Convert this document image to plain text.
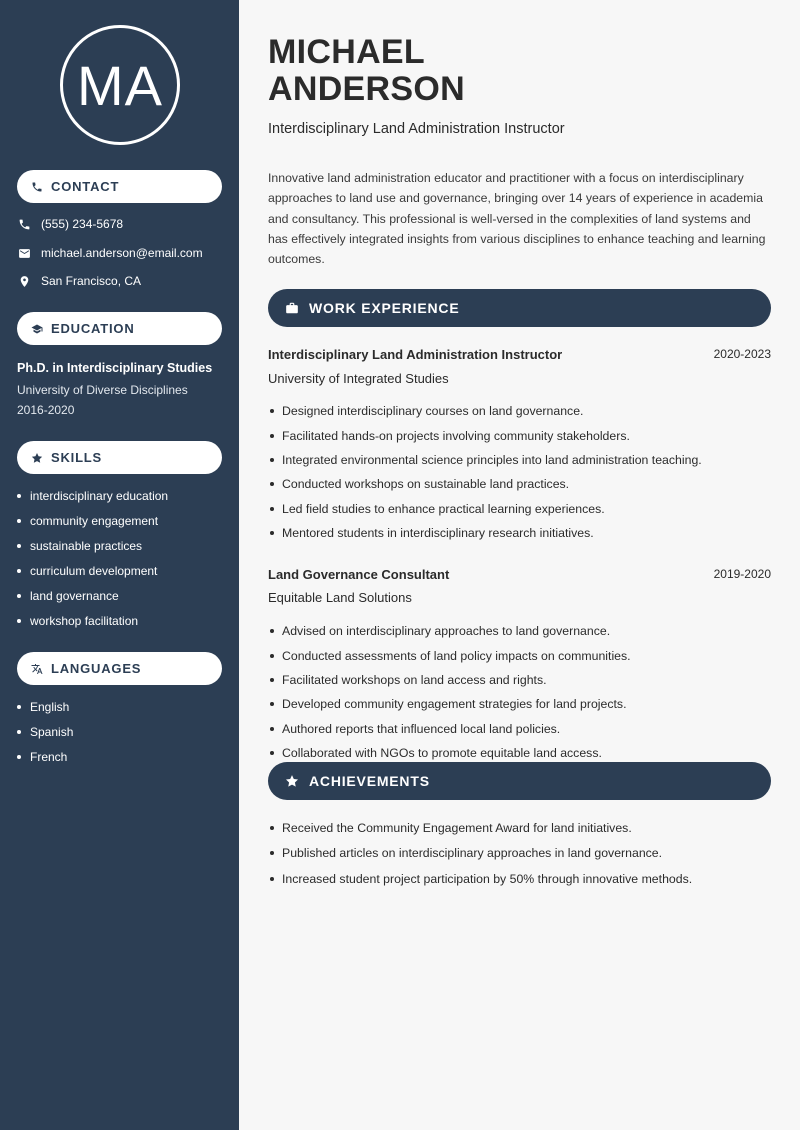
MA
CONTACT
(555) 234-5678
michael.anderson@email.com
San Francisco, CA
EDUCATION
Ph.D. in Interdisciplinary Studies
University of Diverse Disciplines
2016-2020
SKILLS
interdisciplinary education
community engagement
sustainable practices
curriculum development
land governance
workshop facilitation
LANGUAGES
English
Spanish
French
MICHAEL
ANDERSON
Interdisciplinary Land Administration Instructor

Innovative land administration educator and practitioner with a focus on interdisciplinary approaches to land use and governance, bringing over 14 years of experience in academia and consultancy. This professional is well-versed in the complexities of land systems and has effectively integrated insights from various disciplines to enhance teaching and learning outcomes.

WORK EXPERIENCE
Interdisciplinary Land Administration Instructor	2020-2023
University of Integrated Studies
Designed interdisciplinary courses on land governance.
Facilitated hands-on projects involving community stakeholders.
Integrated environmental science principles into land administration teaching.
Conducted workshops on sustainable land practices.
Led field studies to enhance practical learning experiences.
Mentored students in interdisciplinary research initiatives.
Land Governance Consultant	2019-2020
Equitable Land Solutions
Advised on interdisciplinary approaches to land governance.
Conducted assessments of land policy impacts on communities.
Facilitated workshops on land access and rights.
Developed community engagement strategies for land projects.
Authored reports that influenced local land policies.
Collaborated with NGOs to promote equitable land access.
ACHIEVEMENTS
Received the Community Engagement Award for land initiatives.
Published articles on interdisciplinary approaches in land governance.
Increased student project participation by 50% through innovative methods.
